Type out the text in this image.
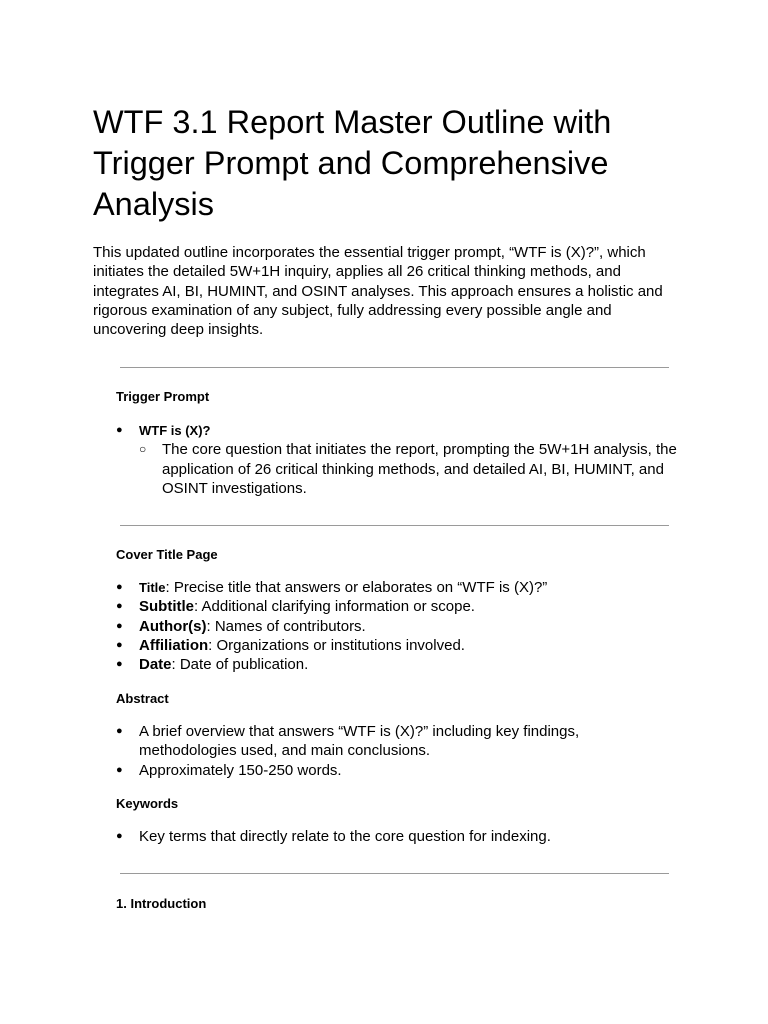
WTF 3.1 Report Master Outline with Trigger Prompt and Comprehensive Analysis

This updated outline incorporates the essential trigger prompt, “WTF is (X)?”, which initiates the detailed 5W+1H inquiry, applies all 26 critical thinking methods, and integrates AI, BI, HUMINT, and OSINT analyses. This approach ensures a holistic and rigorous examination of any subject, fully addressing every possible angle and uncovering deep insights.

Trigger Prompt
● WTF is (X)?
○ The core question that initiates the report, prompting the 5W+1H analysis, the application of 26 critical thinking methods, and detailed AI, BI, HUMINT, and OSINT investigations.
Cover Title Page
● Title: Precise title that answers or elaborates on “WTF is (X)?”
● Subtitle: Additional clarifying information or scope.
● Author(s): Names of contributors.
● Affiliation: Organizations or institutions involved.
● Date: Date of publication.
Abstract
● A brief overview that answers “WTF is (X)?” including key findings, methodologies used, and main conclusions.
● Approximately 150-250 words.
Keywords
● Key terms that directly relate to the core question for indexing.
1. Introduction
